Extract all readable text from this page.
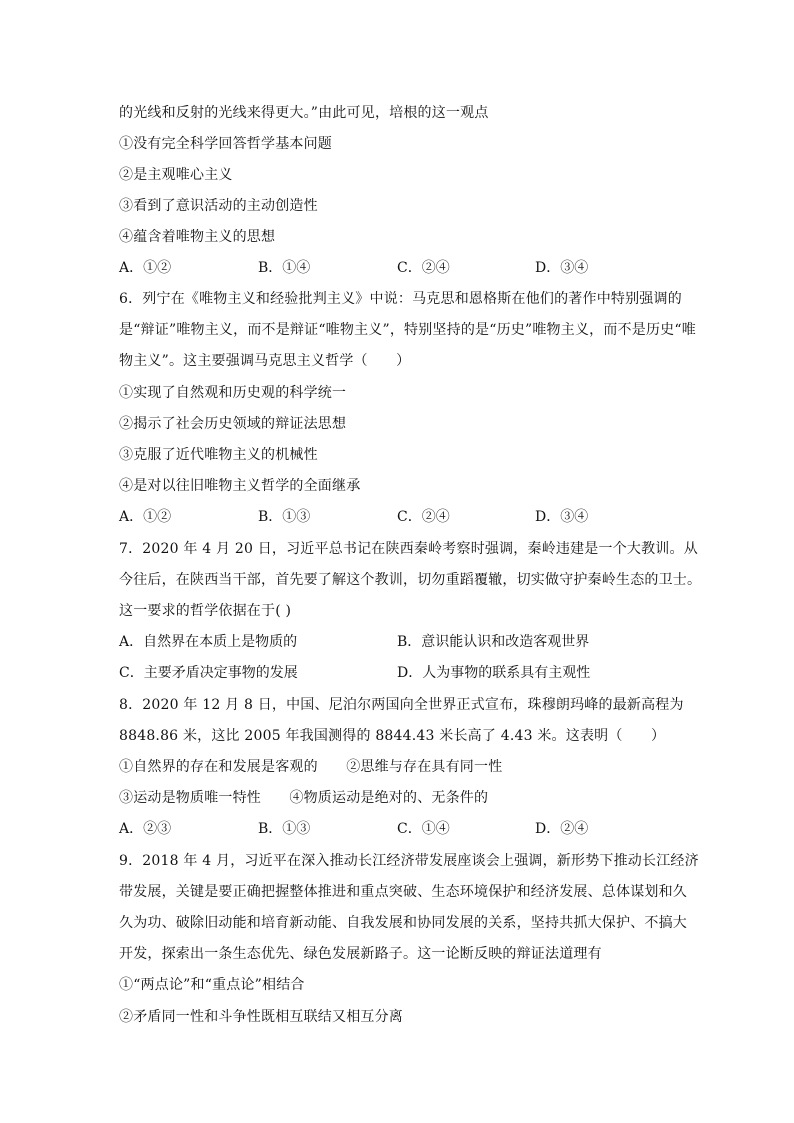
的光线和反射的光线来得更大。”由此可见，培根的这一观点
①没有完全科学回答哲学基本问题
②是主观唯心主义
③看到了意识活动的主动创造性
④蕴含着唯物主义的思想
A．①②	B．①④	C．②④	D．③④
6．列宁在《唯物主义和经验批判主义》中说：马克思和恩格斯在他们的著作中特别强调的
是“辩证”唯物主义，而不是辩证“唯物主义”，特别坚持的是“历史”唯物主义，而不是历史“唯
物主义”。这主要强调马克思主义哲学（　　）
①实现了自然观和历史观的科学统一
②揭示了社会历史领域的辩证法思想
③克服了近代唯物主义的机械性
④是对以往旧唯物主义哲学的全面继承
A．①②	B．①③	C．②④	D．③④
7．2020 年 4 月 20 日，习近平总书记在陕西秦岭考察时强调，秦岭违建是一个大教训。从
今往后，在陕西当干部，首先要了解这个教训，切勿重蹈覆辙，切实做守护秦岭生态的卫士。
这一要求的哲学依据在于( )
A．自然界在本质上是物质的	B．意识能认识和改造客观世界
C．主要矛盾决定事物的发展	D．人为事物的联系具有主观性
8．2020 年 12 月 8 日，中国、尼泊尔两国向全世界正式宣布，珠穆朗玛峰的最新高程为
8848.86 米，这比 2005 年我国测得的 8844.43 米长高了 4.43 米。这表明（　　）
①自然界的存在和发展是客观的　　②思维与存在具有同一性
③运动是物质唯一特性　　④物质运动是绝对的、无条件的
A．②③	B．①③	C．①④	D．②④
9．2018 年 4 月，习近平在深入推动长江经济带发展座谈会上强调，新形势下推动长江经济
带发展，关键是要正确把握整体推进和重点突破、生态环境保护和经济发展、总体谋划和久
久为功、破除旧动能和培育新动能、自我发展和协同发展的关系，坚持共抓大保护、不搞大
开发，探索出一条生态优先、绿色发展新路子。这一论断反映的辩证法道理有
①“两点论”和“重点论”相结合
②矛盾同一性和斗争性既相互联结又相互分离
